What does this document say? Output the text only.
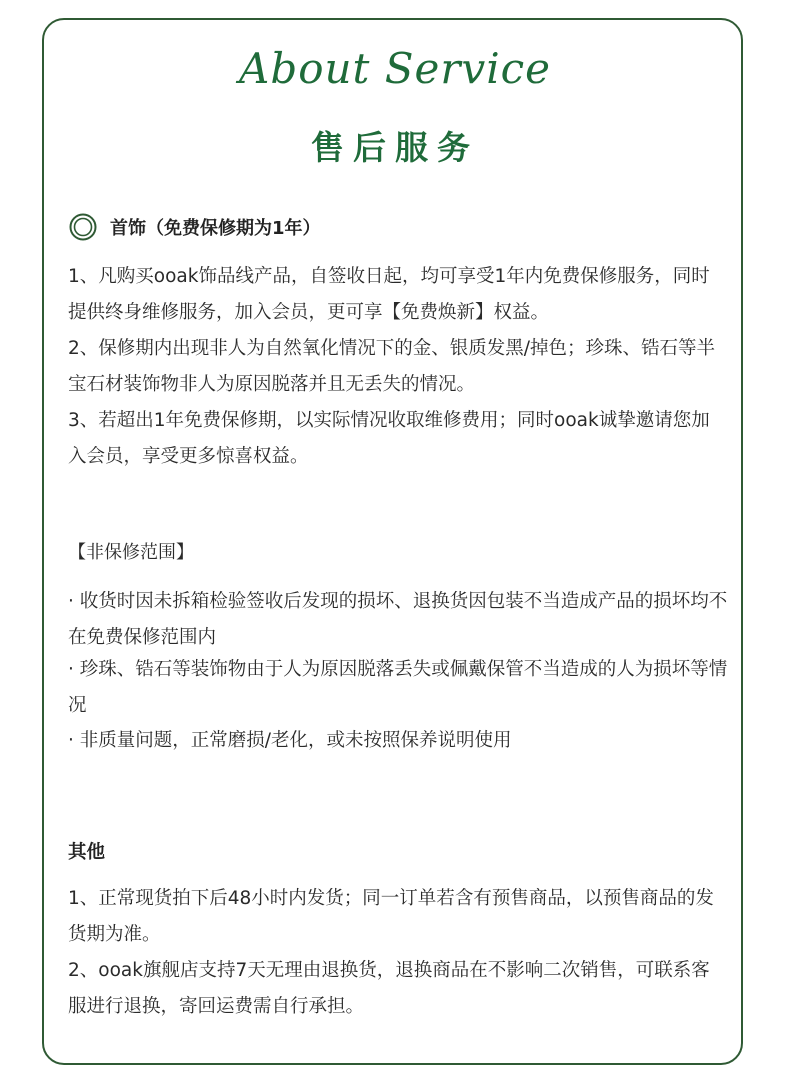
About Service
售后服务
首饰（免费保修期为1年）

1、凡购买ooak饰品线产品，自签收日起，均可享受1年内免费保修服务，同时提供终身维修服务，加入会员，更可享【免费焕新】权益。

2、保修期内出现非人为自然氧化情况下的金、银质发黑/掉色；珍珠、锆石等半宝石材装饰物非人为原因脱落并且无丢失的情况。

3、若超出1年免费保修期，以实际情况收取维修费用；同时ooak诚挚邀请您加入会员，享受更多惊喜权益。

【非保修范围】

· 收货时因未拆箱检验签收后发现的损坏、退换货因包装不当造成产品的损坏均不在免费保修范围内

· 珍珠、锆石等装饰物由于人为原因脱落丢失或佩戴保管不当造成的人为损坏等情况

· 非质量问题，正常磨损/老化，或未按照保养说明使用

其他

1、正常现货拍下后48小时内发货；同一订单若含有预售商品，以预售商品的发货期为准。

2、ooak旗舰店支持7天无理由退换货，退换商品在不影响二次销售，可联系客服进行退换，寄回运费需自行承担。
